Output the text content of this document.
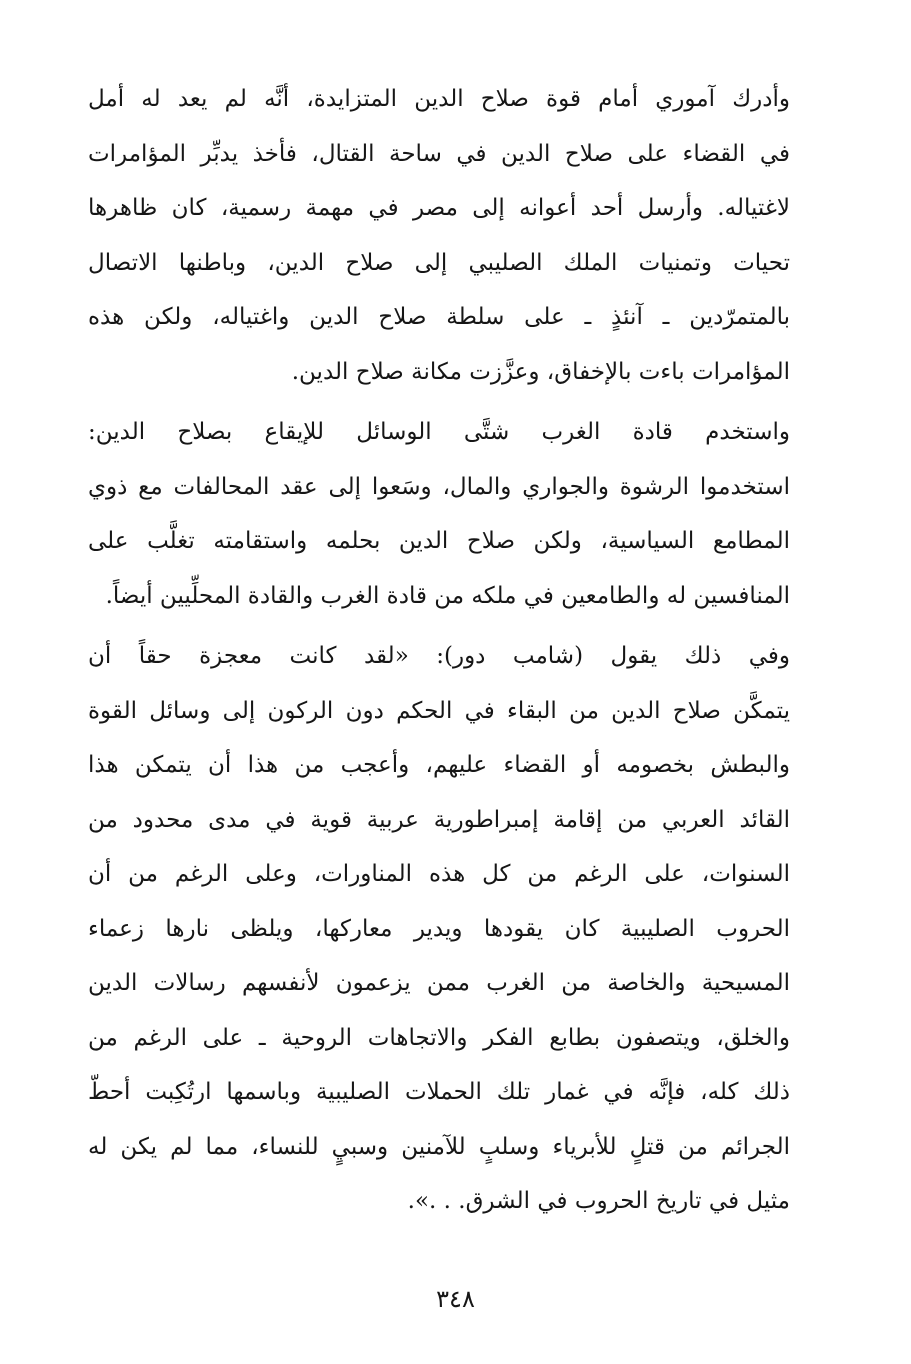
وأدرك آموري أمام قوة صلاح الدين المتزايدة، أنَّه لم يعد له أمل
في القضاء على صلاح الدين في ساحة القتال، فأخذ يدبِّر المؤامرات
لاغتياله. وأرسل أحد أعوانه إلى مصر في مهمة رسمية، كان ظاهرها
تحيات وتمنيات الملك الصليبي إلى صلاح الدين، وباطنها الاتصال
بالمتمرّدين ـ آنئذٍ ـ على سلطة صلاح الدين واغتياله، ولكن هذه
المؤامرات باءت بالإخفاق، وعزَّزت مكانة صلاح الدين.

واستخدم قادة الغرب شتَّى الوسائل للإيقاع بصلاح الدين:
استخدموا الرشوة والجواري والمال، وسَعوا إلى عقد المحالفات مع ذوي
المطامع السياسية، ولكن صلاح الدين بحلمه واستقامته تغلَّب على
المنافسين له والطامعين في ملكه من قادة الغرب والقادة المحلِّيين أيضاً.

وفي ذلك يقول (شامب دور): «لقد كانت معجزة حقاً أن
يتمكَّن صلاح الدين من البقاء في الحكم دون الركون إلى وسائل القوة
والبطش بخصومه أو القضاء عليهم، وأعجب من هذا أن يتمكن هذا
القائد العربي من إقامة إمبراطورية عربية قوية في مدى محدود من
السنوات، على الرغم من كل هذه المناورات، وعلى الرغم من أن
الحروب الصليبية كان يقودها ويدير معاركها، ويلظى نارها زعماء
المسيحية والخاصة من الغرب ممن يزعمون لأنفسهم رسالات الدين
والخلق، ويتصفون بطابع الفكر والاتجاهات الروحية ـ على الرغم من
ذلك كله، فإنَّه في غمار تلك الحملات الصليبية وباسمها ارتُكِبت أحطّ
الجرائم من قتلٍ للأبرياء وسلبٍ للآمنين وسبيٍ للنساء، مما لم يكن له
مثيل في تاريخ الحروب في الشرق. . .».

٣٤٨
